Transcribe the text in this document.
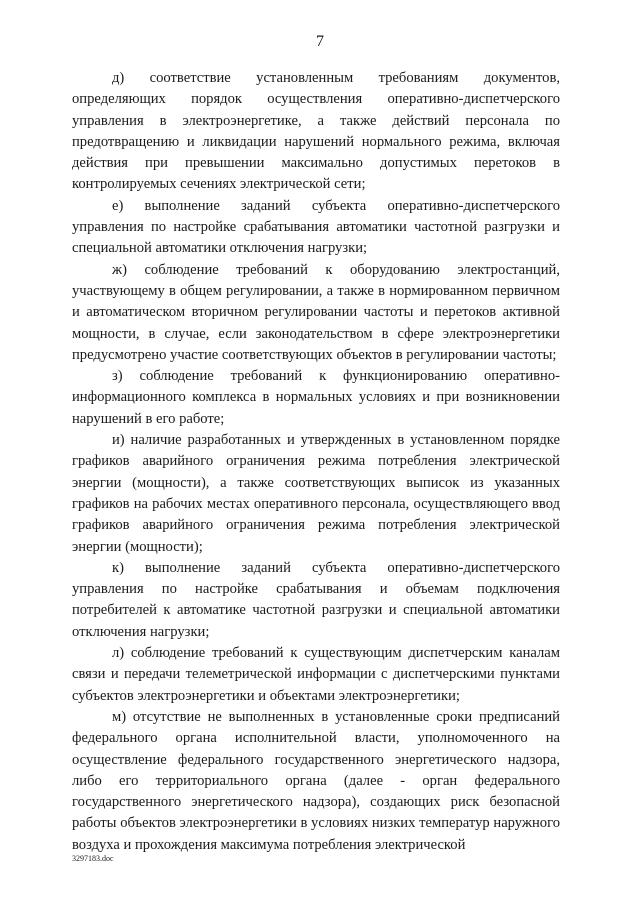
7

д) соответствие установленным требованиям документов, определяющих порядок осуществления оперативно-диспетчерского управления в электроэнергетике, а также действий персонала по предотвращению и ликвидации нарушений нормального режима, включая действия при превышении максимально допустимых перетоков в контролируемых сечениях электрической сети;

е) выполнение заданий субъекта оперативно-диспетчерского управления по настройке срабатывания автоматики частотной разгрузки и специальной автоматики отключения нагрузки;

ж) соблюдение требований к оборудованию электростанций, участвующему в общем регулировании, а также в нормированном первичном и автоматическом вторичном регулировании частоты и перетоков активной мощности, в случае, если законодательством в сфере электроэнергетики предусмотрено участие соответствующих объектов в регулировании частоты;

з) соблюдение требований к функционированию оперативно-информационного комплекса в нормальных условиях и при возникновении нарушений в его работе;

и) наличие разработанных и утвержденных в установленном порядке графиков аварийного ограничения режима потребления электрической энергии (мощности), а также соответствующих выписок из указанных графиков на рабочих местах оперативного персонала, осуществляющего ввод графиков аварийного ограничения режима потребления электрической энергии (мощности);

к) выполнение заданий субъекта оперативно-диспетчерского управления по настройке срабатывания и объемам подключения потребителей к автоматике частотной разгрузки и специальной автоматики отключения нагрузки;

л) соблюдение требований к существующим диспетчерским каналам связи и передачи телеметрической информации с диспетчерскими пунктами субъектов электроэнергетики и объектами электроэнергетики;

м) отсутствие не выполненных в установленные сроки предписаний федерального органа исполнительной власти, уполномоченного на осуществление федерального государственного энергетического надзора, либо его территориального органа (далее - орган федерального государственного энергетического надзора), создающих риск безопасной работы объектов электроэнергетики в условиях низких температур наружного воздуха и прохождения максимума потребления электрической

3297183.doc
